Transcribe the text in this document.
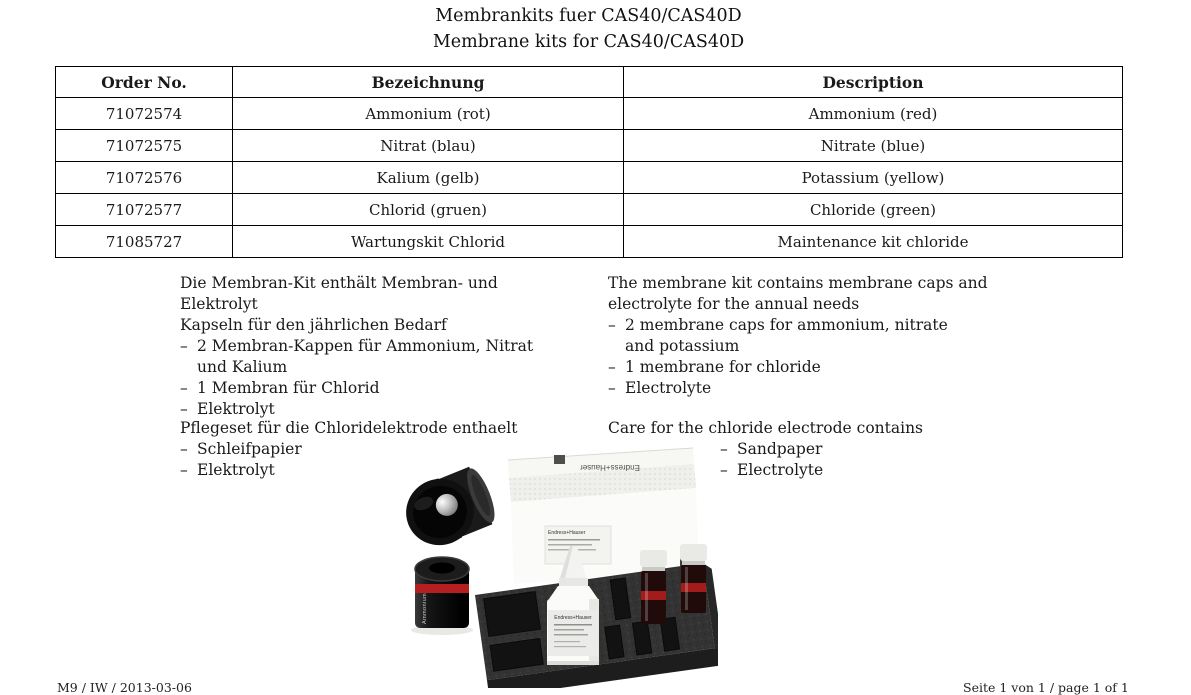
Membrankits fuer CAS40/CAS40D
Membrane kits for CAS40/CAS40D
Order No.	Bezeichnung	Description
71072574	Ammonium (rot)	Ammonium (red)
71072575	Nitrat (blau)	Nitrate (blue)
71072576	Kalium (gelb)	Potassium (yellow)
71072577	Chlorid (gruen)	Chloride (green)
71085727	Wartungskit Chlorid	Maintenance kit chloride
Die Membran-Kit enthält Membran- und Elektrolyt
Kapseln für den jährlichen Bedarf
– 2 Membran-Kappen für Ammonium, Nitrat und Kalium
– 1 Membran für Chlorid
– Elektrolyt
The membrane kit contains membrane caps and
electrolyte for the annual needs
– 2 membrane caps for ammonium, nitrate and potassium
– 1 membrane for chloride
– Electrolyte
Pflegeset für die Chloridelektrode enthaelt
– Schleifpapier
– Elektrolyt
Care for the chloride electrode contains
– Sandpaper
– Electrolyte
Endress+Hauser
Endress+Hauser
Endress+Hauser
Ammonium
M9 / IW / 2013-03-06	Seite 1 von 1 / page 1 of 1
